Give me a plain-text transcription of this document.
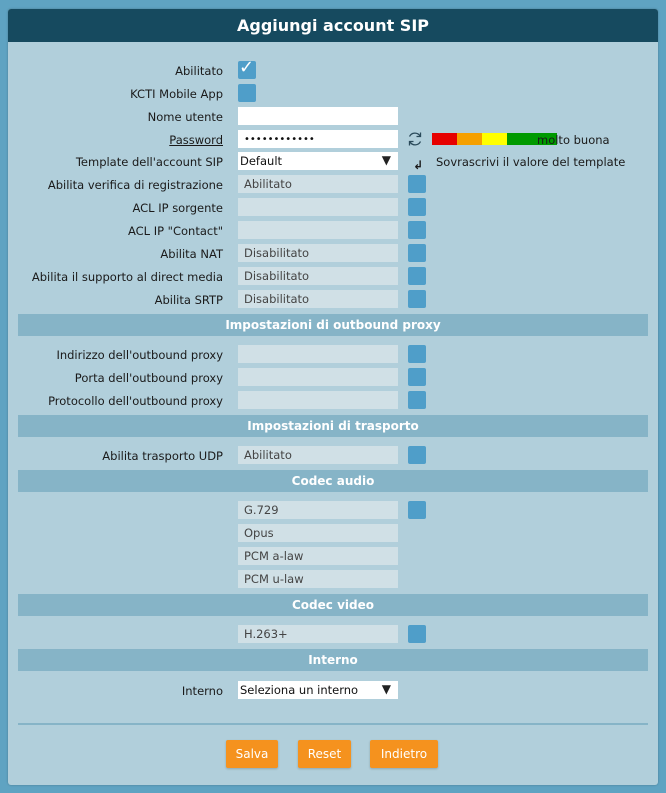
Aggiungi account SIP
Abilitato ✓
KCTI Mobile App
Nome utente
Password	••••••••••••	molto buona
Template dell'account SIP Default	▼ ↲ Sovrascrivi il valore del template
Abilita verifica di registrazione	Abilitato
ACL IP sorgente
ACL IP "Contact"
Abilita NAT	Disabilitato
Abilita il supporto al direct media	Disabilitato
Abilita SRTP	Disabilitato
Impostazioni di outbound proxy
Indirizzo dell'outbound proxy
Porta dell'outbound proxy
Protocollo dell'outbound proxy
Impostazioni di trasporto
Abilita trasporto UDP	Abilitato
Codec audio
G.729
Opus
PCM a-law
PCM u-law
Codec video
H.263+
Interno
Interno Seleziona un interno ▼
Salva	Reset	Indietro
